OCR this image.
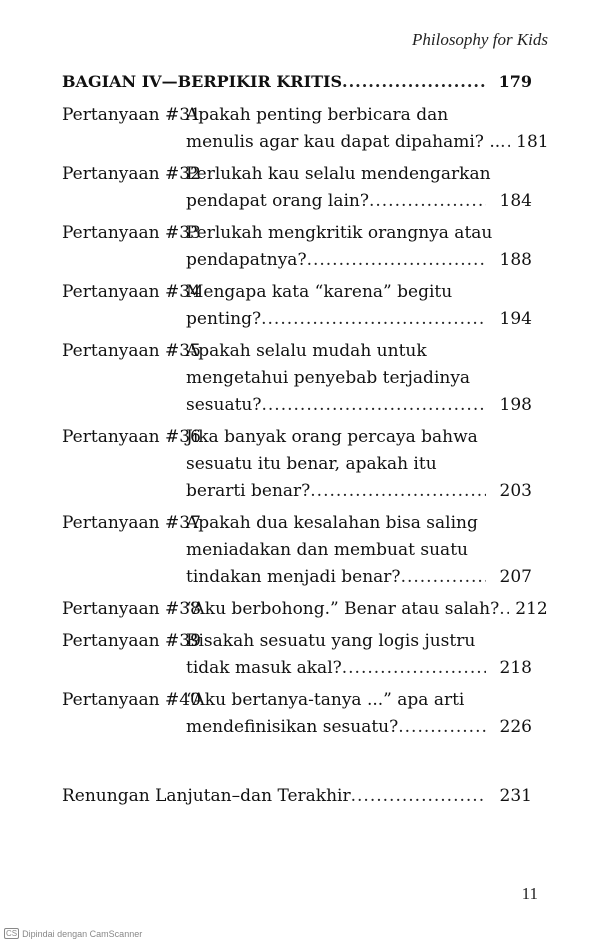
Philosophy for Kids
BAGIAN IV—BERPIKIR KRITIS .....	179
Pertanyaan #31
Apakah penting berbicara dan
menulis agar kau dapat dipahami? .. ..... 181
Pertanyaan #32
Perlukah kau selalu mendengarkan
pendapat orang lain? .....	184
Pertanyaan #33
Perlukah mengkritik orangnya atau
pendapatnya? .....	188
Pertanyaan #34
Mengapa kata “karena” begitu
penting? .....	194
Pertanyaan #35
Apakah selalu mudah untuk
mengetahui penyebab terjadinya
sesuatu? .....	198
Pertanyaan #36
Jika banyak orang percaya bahwa
sesuatu itu benar, apakah itu
berarti benar? .....	203
Pertanyaan #37
Apakah dua kesalahan bisa saling
meniadakan dan membuat suatu
tindakan menjadi benar? .....	207
Pertanyaan #38
“Aku berbohong.” Benar atau salah? ..... 212
Pertanyaan #39
Bisakah sesuatu yang logis justru
tidak masuk akal? .....	218
Pertanyaan #40
“Aku bertanya-tanya ...” apa arti
mendefinisikan sesuatu? .....	226
Renungan Lanjutan–dan Terakhir .....	231
11
CS Dipindai dengan CamScanner
